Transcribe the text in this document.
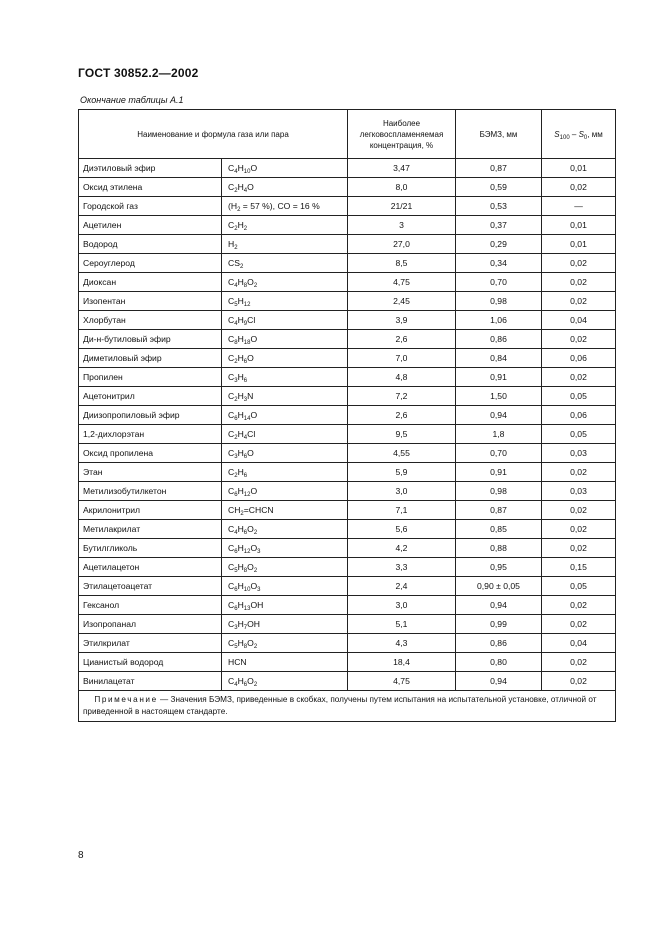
ГОСТ 30852.2—2002
Окончание таблицы А.1
Наименование и формула газа или пара		Наиболее легковоспламеняемая концентрация, %	БЭМЗ, мм	$S_{100} - S_0$, мм
Диэтиловый эфир	$C_4H_{10}O$	3,47	0,87	0,01
Оксид этилена	$C_2H_4O$	8,0	0,59	0,02
Городской газ	($H_2 = 57$ %), CO = 16 %	21/21	0,53	—
Ацетилен	$C_2H_2$	3	0,37	0,01
Водород	$H_2$	27,0	0,29	0,01
Сероуглерод	$CS_2$	8,5	0,34	0,02
Диоксан	$C_4H_8O_2$	4,75	0,70	0,02
Изопентан	$C_5H_{12}$	2,45	0,98	0,02
Хлорбутан	$C_4H_9Cl$	3,9	1,06	0,04
Ди-н-бутиловый эфир	$C_8H_{18}O$	2,6	0,86	0,02
Диметиловый эфир	$C_2H_6O$	7,0	0,84	0,06
Пропилен	$C_3H_6$	4,8	0,91	0,02
Ацетонитрил	$C_2H_3N$	7,2	1,50	0,05
Диизопропиловый эфир	$C_6H_{14}O$	2,6	0,94	0,06
1,2-дихлорэтан	$C_2H_4Cl$	9,5	1,8	0,05
Оксид пропилена	$C_3H_6O$	4,55	0,70	0,03
Этан	$C_2H_6$	5,9	0,91	0,02
Метилизобутилкетон	$C_6H_{12}O$	3,0	0,98	0,03
Акрилонитрил	$CH_2=CHCN$	7,1	0,87	0,02
Метилакрилат	$C_4H_6O_2$	5,6	0,85	0,02
Бутилгликоль	$C_6H_{12}O_3$	4,2	0,88	0,02
Ацетилацетон	$C_5H_8O_2$	3,3	0,95	0,15
Этилацетоацетат	$C_6H_{10}O_3$	2,4	0,90 ± 0,05	0,05
Гексанол	$C_6H_{13}OH$	3,0	0,94	0,02
Изопропанал	$C_3H_7OH$	5,1	0,99	0,02
Этилкрилат	$C_5H_8O_2$	4,3	0,86	0,04
Цианистый водород	HCN	18,4	0,80	0,02
Винилацетат	$C_4H_6O_2$	4,75	0,94	0,02
Примечание — Значения БЭМЗ, приведенные в скобках, получены путем испытания на испытательной установке, отличной от приведенной в настоящем стандарте.				
8
